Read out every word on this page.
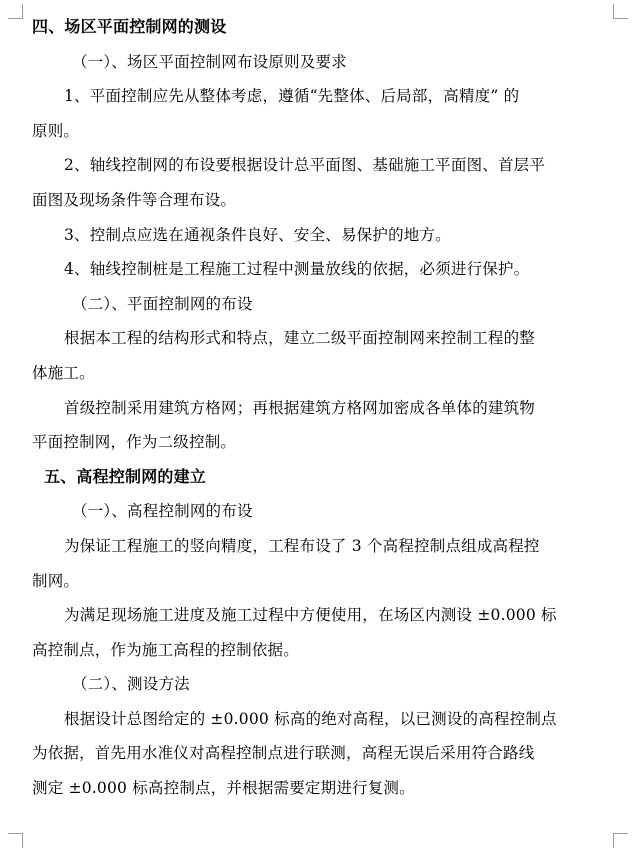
四、场区平面控制网的测设
（一）、场区平面控制网布设原则及要求
1、平面控制应先从整体考虑，遵循“先整体、后局部，高精度” 的
原则。
2、轴线控制网的布设要根据设计总平面图、基础施工平面图、首层平
面图及现场条件等合理布设。
3、控制点应选在通视条件良好、安全、易保护的地方。
4、轴线控制桩是工程施工过程中测量放线的依据，必须进行保护。
（二）、平面控制网的布设
根据本工程的结构形式和特点，建立二级平面控制网来控制工程的整
体施工。
首级控制采用建筑方格网；再根据建筑方格网加密成各单体的建筑物
平面控制网，作为二级控制。
五、高程控制网的建立
（一）、高程控制网的布设
为保证工程施工的竖向精度，工程布设了 3 个高程控制点组成高程控
制网。
为满足现场施工进度及施工过程中方便使用，在场区内测设 ±0.000 标
高控制点，作为施工高程的控制依据。
（二）、测设方法
根据设计总图给定的 ±0.000 标高的绝对高程，以已测设的高程控制点
为依据，首先用水准仪对高程控制点进行联测，高程无误后采用符合路线
测定 ±0.000 标高控制点，并根据需要定期进行复测。
